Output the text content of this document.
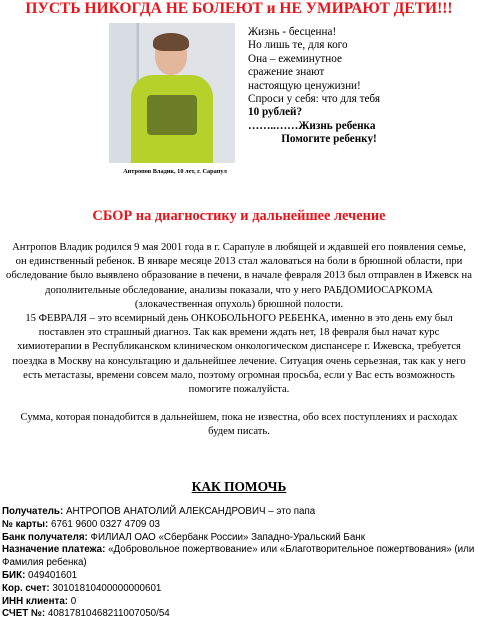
ПУСТЬ НИКОГДА НЕ БОЛЕЮТ и НЕ УМИРАЮТ ДЕТИ!!!
Антропов Владик, 10 лет, г. Сарапул
Жизнь - бесценна!
Но лишь те, для кого
Она – ежеминутное
сражение знают
настоящую ценужизни!
Спроси у себя: что для тебя
10 рублей?
……..……Жизнь ребенка
Помогите ребенку!
СБОР на диагностику и дальнейшее лечение

Антропов Владик родился 9 мая 2001 года в г. Сарапуле в любящей и ждавшей его появления семье, он единственный ребенок. В январе месяце 2013 стал жаловаться на боли в брюшной области, при обследование было выявлено образование в печени, в начале февраля 2013 был отправлен в Ижевск на дополнительные обследование, анализы показали, что у него РАБДОМИОСАРКОМА (злокачественная опухоль) брюшной полости.

15 ФЕВРАЛЯ – это всемирный день ОНКОБОЛЬНОГО РЕБЕНКА, именно в это день ему был поставлен это страшный диагноз. Так как времени ждать нет, 18 февраля был начат курс химиотерапии в Республиканском клиническом онкологическом диспансере г. Ижевска, требуется поездка в Москву на консультацию и дальнейшее лечение. Ситуация очень серьезная, так как у него есть метастазы, времени совсем мало, поэтому огромная просьба, если у Вас есть возможность помогите пожалуйста.

Сумма, которая понадобится в дальнейшем, пока не известна, обо всех поступлениях и расходах будем писать.

КАК ПОМОЧЬ
Получатель: АНТРОПОВ АНАТОЛИЙ АЛЕКСАНДРОВИЧ – это папа
№ карты: 6761 9600 0327 4709 03
Банк получателя: ФИЛИАЛ ОАО «Сбербанк России» Западно-Уральский Банк
Назначение платежа: «Добровольное пожертвование» или «Благотворительное пожертвования» (или Фамилия ребенка)
БИК: 049401601
Кор. счет: 30101810400000000601
ИНН клиента: 0
СЧЕТ №: 40817810468211007050/54
